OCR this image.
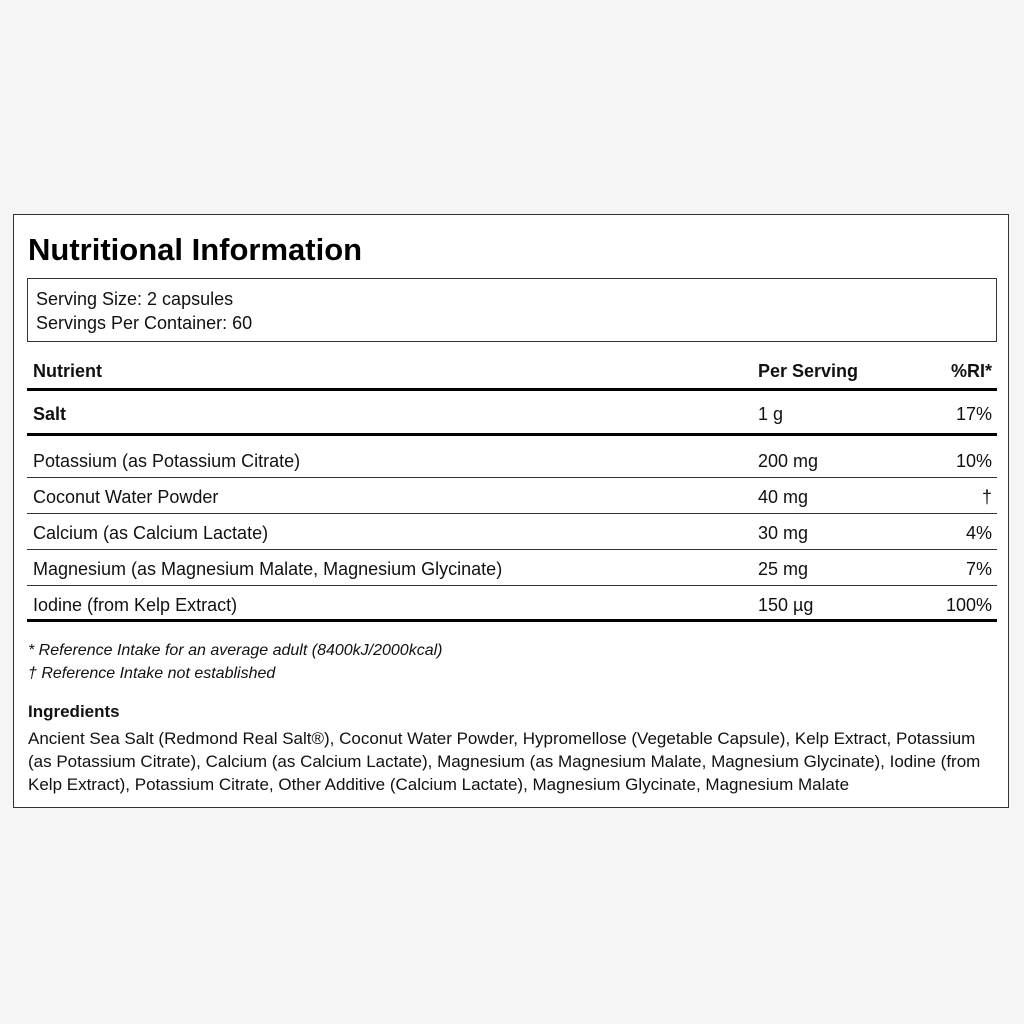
Nutritional Information
Serving Size: 2 capsules
Servings Per Container: 60
Nutrient	Per Serving	%RI*
Salt	1 g	17%
Potassium (as Potassium Citrate)	200 mg	10%
Coconut Water Powder	40 mg	†
Calcium (as Calcium Lactate)	30 mg	4%
Magnesium (as Magnesium Malate, Magnesium Glycinate)	25 mg	7%
Iodine (from Kelp Extract)	150 µg	100%
* Reference Intake for an average adult (8400kJ/2000kcal)
† Reference Intake not established
Ingredients
Ancient Sea Salt (Redmond Real Salt®), Coconut Water Powder, Hypromellose (Vegetable Capsule), Kelp Extract, Potassium (as Potassium Citrate), Calcium (as Calcium Lactate), Magnesium (as Magnesium Malate, Magnesium Glycinate), Iodine (from Kelp Extract), Potassium Citrate, Other Additive (Calcium Lactate), Magnesium Glycinate, Magnesium Malate
